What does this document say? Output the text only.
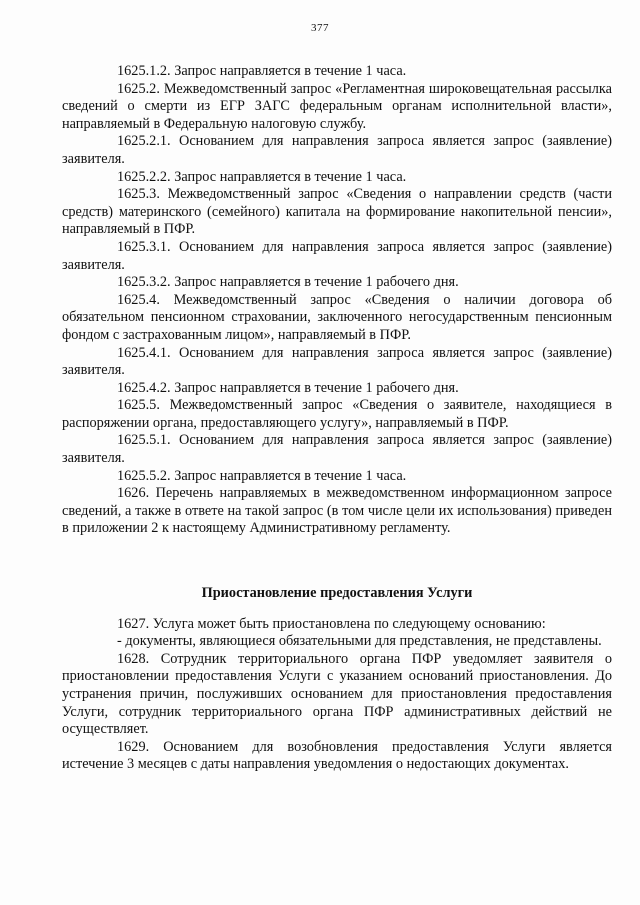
377

1625.1.2. Запрос направляется в течение 1 часа.

1625.2. Межведомственный запрос «Регламентная широковещательная рассылка сведений о смерти из ЕГР ЗАГС федеральным органам исполнительной власти», направляемый в Федеральную налоговую службу.

1625.2.1. Основанием для направления запроса является запрос (заявление) заявителя.

1625.2.2. Запрос направляется в течение 1 часа.

1625.3. Межведомственный запрос «Сведения о направлении средств (части средств) материнского (семейного) капитала на формирование накопительной пенсии», направляемый в ПФР.

1625.3.1. Основанием для направления запроса является запрос (заявление) заявителя.

1625.3.2. Запрос направляется в течение 1 рабочего дня.

1625.4. Межведомственный запрос «Сведения о наличии договора об обязательном пенсионном страховании, заключенного негосударственным пенсионным фондом с застрахованным лицом», направляемый в ПФР.

1625.4.1. Основанием для направления запроса является запрос (заявление) заявителя.

1625.4.2. Запрос направляется в течение 1 рабочего дня.

1625.5. Межведомственный запрос «Сведения о заявителе, находящиеся в распоряжении органа, предоставляющего услугу», направляемый в ПФР.

1625.5.1. Основанием для направления запроса является запрос (заявление) заявителя.

1625.5.2. Запрос направляется в течение 1 часа.

1626. Перечень направляемых в межведомственном информационном запросе сведений, а также в ответе на такой запрос (в том числе цели их использования) приведен в приложении 2 к настоящему Административному регламенту.

Приостановление предоставления Услуги

1627. Услуга может быть приостановлена по следующему основанию:

- документы, являющиеся обязательными для представления, не представлены.

1628. Сотрудник территориального органа ПФР уведомляет заявителя о приостановлении предоставления Услуги с указанием оснований приостановления. До устранения причин, послуживших основанием для приостановления предоставления Услуги, сотрудник территориального органа ПФР административных действий не осуществляет.

1629. Основанием для возобновления предоставления Услуги является истечение 3 месяцев с даты направления уведомления о недостающих документах.
